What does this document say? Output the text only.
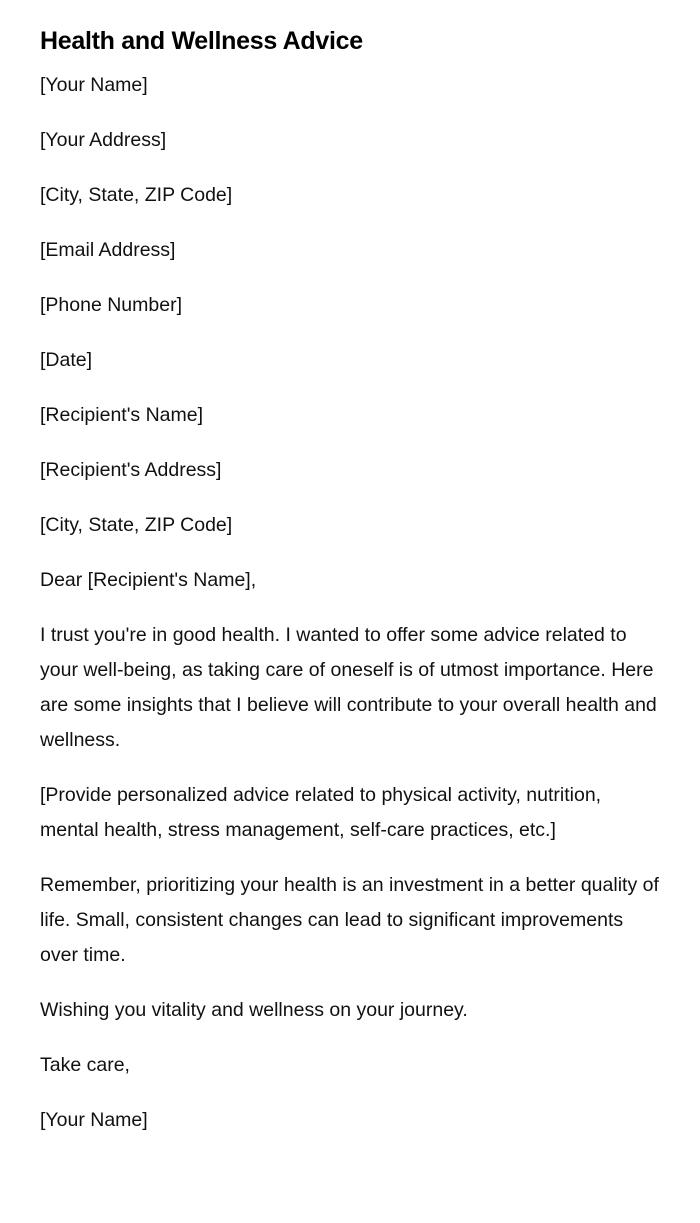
Health and Wellness Advice

[Your Name]

[Your Address]

[City, State, ZIP Code]

[Email Address]

[Phone Number]

[Date]

[Recipient's Name]

[Recipient's Address]

[City, State, ZIP Code]

Dear [Recipient's Name],

I trust you're in good health. I wanted to offer some advice related to your well-being, as taking care of oneself is of utmost importance. Here are some insights that I believe will contribute to your overall health and wellness.

[Provide personalized advice related to physical activity, nutrition, mental health, stress management, self-care practices, etc.]

Remember, prioritizing your health is an investment in a better quality of life. Small, consistent changes can lead to significant improvements over time.

Wishing you vitality and wellness on your journey.

Take care,

[Your Name]
